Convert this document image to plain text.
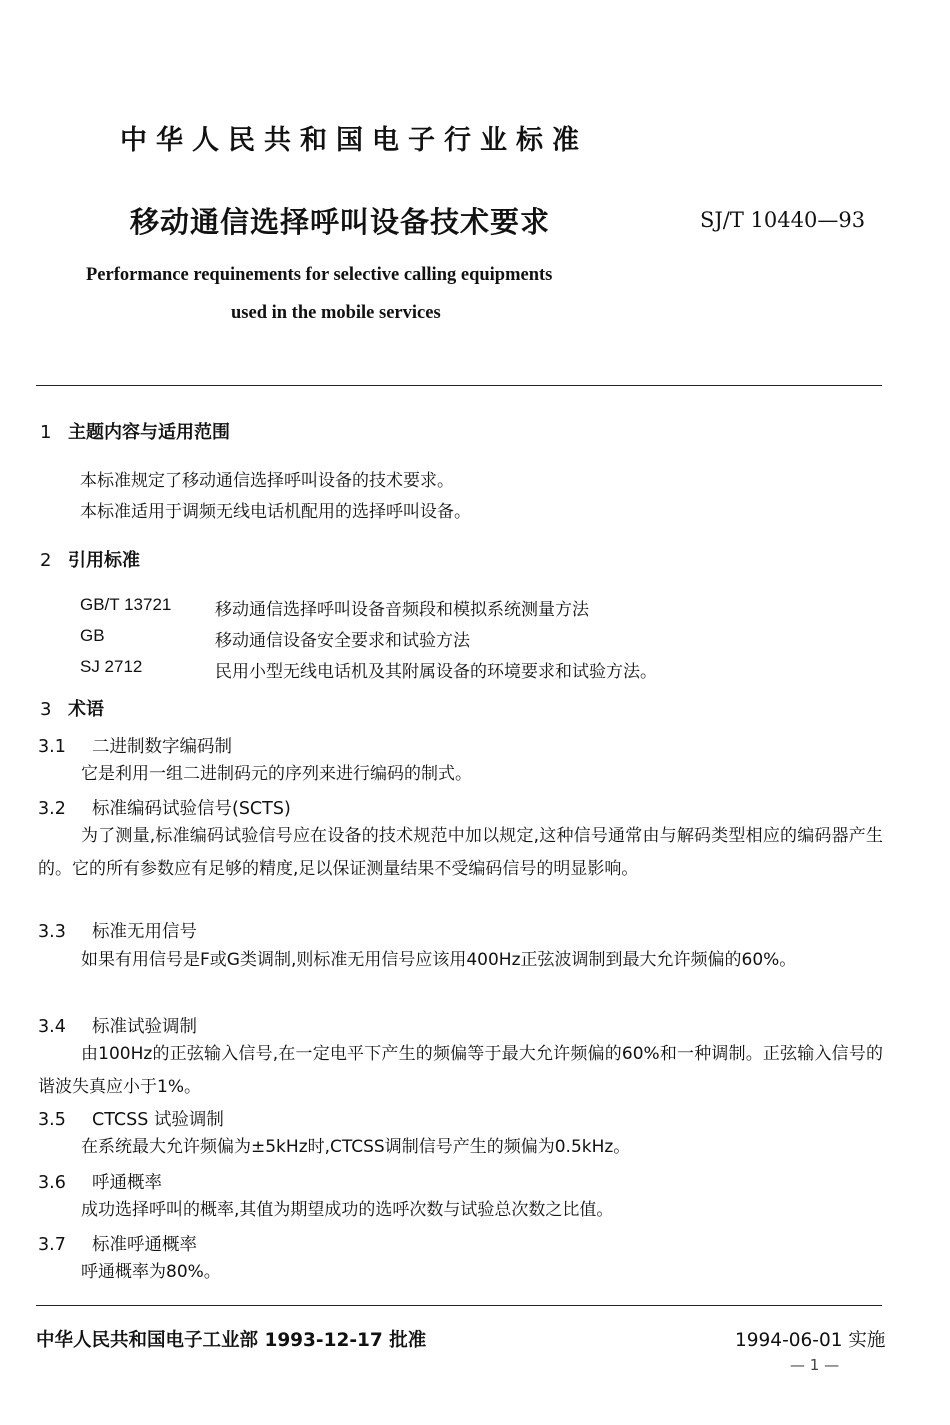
中华人民共和国电子行业标准
移动通信选择呼叫设备技术要求	SJ/T 10440—93
Performance requinements for selective calling equipments
used in the mobile services
1 主题内容与适用范围
本标准规定了移动通信选择呼叫设备的技术要求。
本标准适用于调频无线电话机配用的选择呼叫设备。
2 引用标准
GB/T 13721	移动通信选择呼叫设备音频段和模拟系统测量方法
GB	移动通信设备安全要求和试验方法
SJ 2712	民用小型无线电话机及其附属设备的环境要求和试验方法。
3 术语
3.1 二进制数字编码制
它是利用一组二进制码元的序列来进行编码的制式。
3.2 标准编码试验信号(SCTS)
为了测量,标准编码试验信号应在设备的技术规范中加以规定,这种信号通常由与解码类型相应的编码器产生的。它的所有参数应有足够的精度,足以保证测量结果不受编码信号的明显影响。
3.3 标准无用信号
如果有用信号是F或G类调制,则标准无用信号应该用400Hz正弦波调制到最大允许频偏的60%。
3.4 标准试验调制
由100Hz的正弦输入信号,在一定电平下产生的频偏等于最大允许频偏的60%和一种调制。正弦输入信号的谐波失真应小于1%。
3.5 CTCSS 试验调制
在系统最大允许频偏为±5kHz时,CTCSS调制信号产生的频偏为0.5kHz。
3.6 呼通概率
成功选择呼叫的概率,其值为期望成功的选呼次数与试验总次数之比值。
3.7 标准呼通概率
呼通概率为80%。
中华人民共和国电子工业部 1993-12-17 批准	1994-06-01 实施
— 1 —
